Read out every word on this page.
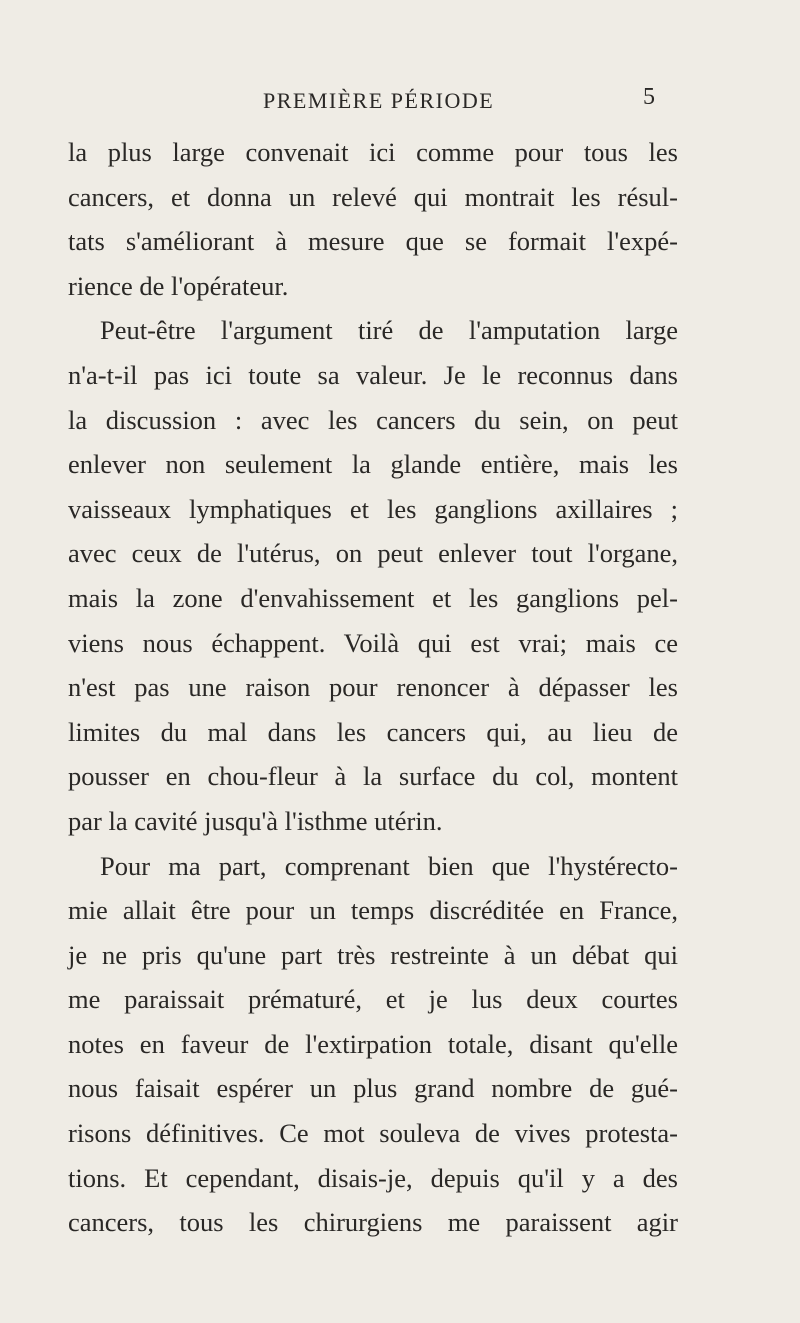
PREMIÈRE PÉRIODE	5
la plus large convenait ici comme pour tous les
cancers, et donna un relevé qui montrait les résul-
tats s'améliorant à mesure que se formait l'expé-
rience de l'opérateur.
Peut-être l'argument tiré de l'amputation large
n'a-t-il pas ici toute sa valeur. Je le reconnus dans
la discussion : avec les cancers du sein, on peut
enlever non seulement la glande entière, mais les
vaisseaux lymphatiques et les ganglions axillaires ;
avec ceux de l'utérus, on peut enlever tout l'organe,
mais la zone d'envahissement et les ganglions pel-
viens nous échappent. Voilà qui est vrai; mais ce
n'est pas une raison pour renoncer à dépasser les
limites du mal dans les cancers qui, au lieu de
pousser en chou-fleur à la surface du col, montent
par la cavité jusqu'à l'isthme utérin.
Pour ma part, comprenant bien que l'hystérecto-
mie allait être pour un temps discréditée en France,
je ne pris qu'une part très restreinte à un débat qui
me paraissait prématuré, et je lus deux courtes
notes en faveur de l'extirpation totale, disant qu'elle
nous faisait espérer un plus grand nombre de gué-
risons définitives. Ce mot souleva de vives protesta-
tions. Et cependant, disais-je, depuis qu'il y a des
cancers, tous les chirurgiens me paraissent agir
